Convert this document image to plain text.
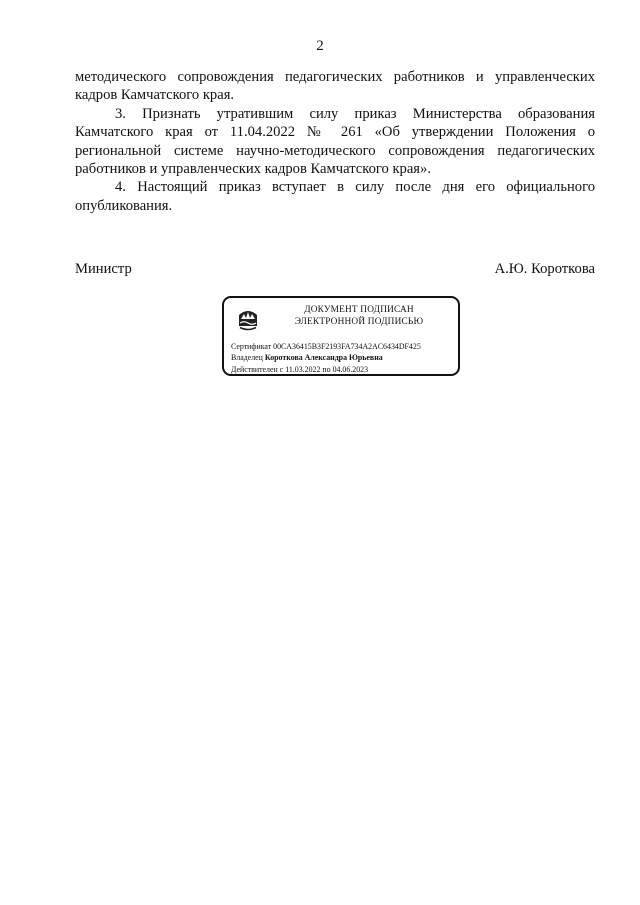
2

методического сопровождения педагогических работников и управленческих кадров Камчатского края.

3. Признать утратившим силу приказ Министерства образования Камчатского края от 11.04.2022 № 261 «Об утверждении Положения о региональной системе научно-методического сопровождения педагогических работников и управленческих кадров Камчатского края».

4. Настоящий приказ вступает в силу после дня его официального опубликования.

Министр	А.Ю. Короткова
ДОКУМЕНТ ПОДПИСАН
ЭЛЕКТРОННОЙ ПОДПИСЬЮ
Сертификат 00CA36415B3F2193FA734A2AC6434DF425
Владелец Короткова Александра Юрьевна
Действителен с 11.03.2022 по 04.06.2023
